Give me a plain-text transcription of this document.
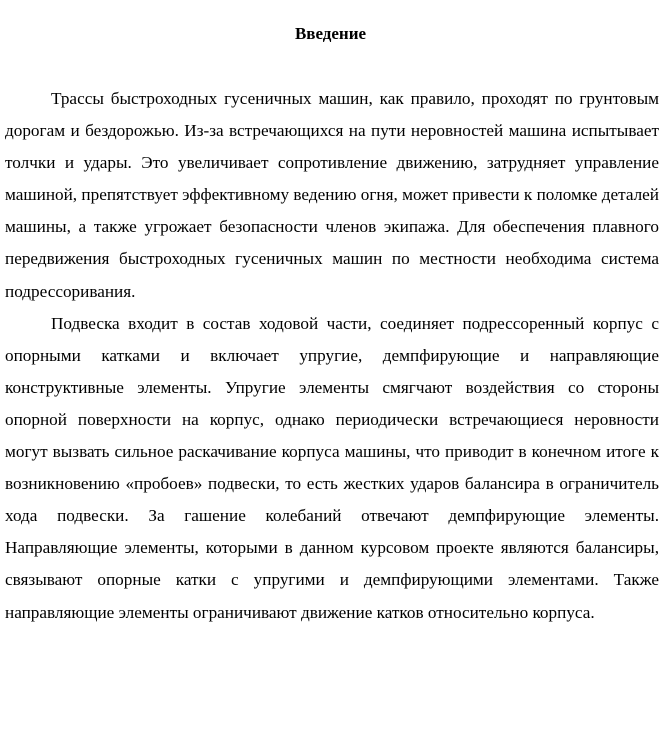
Введение

Трассы быстроходных гусеничных машин, как правило, проходят по грунтовым дорогам и бездорожью. Из-за встречающихся на пути неровностей машина испытывает толчки и удары. Это увеличивает сопротивление движению, затрудняет управление машиной, препятствует эффективному ведению огня, может привести к поломке деталей машины, а также угрожает безопасности членов экипажа. Для обеспечения плавного передвижения быстроходных гусеничных машин по местности необходима система подрессоривания.

Подвеска входит в состав ходовой части, соединяет подрессоренный корпус с опорными катками и включает упругие, демпфирующие и направляющие конструктивные элементы. Упругие элементы смягчают воздействия со стороны опорной поверхности на корпус, однако периодически встречающиеся неровности могут вызвать сильное раскачивание корпуса машины, что приводит в конечном итоге к возникновению «пробоев» подвески, то есть жестких ударов балансира в ограничитель хода подвески. За гашение колебаний отвечают демпфирующие элементы. Направляющие элементы, которыми в данном курсовом проекте являются балансиры, связывают опорные катки с упругими и демпфирующими элементами. Также направляющие элементы ограничивают движение катков относительно корпуса.
